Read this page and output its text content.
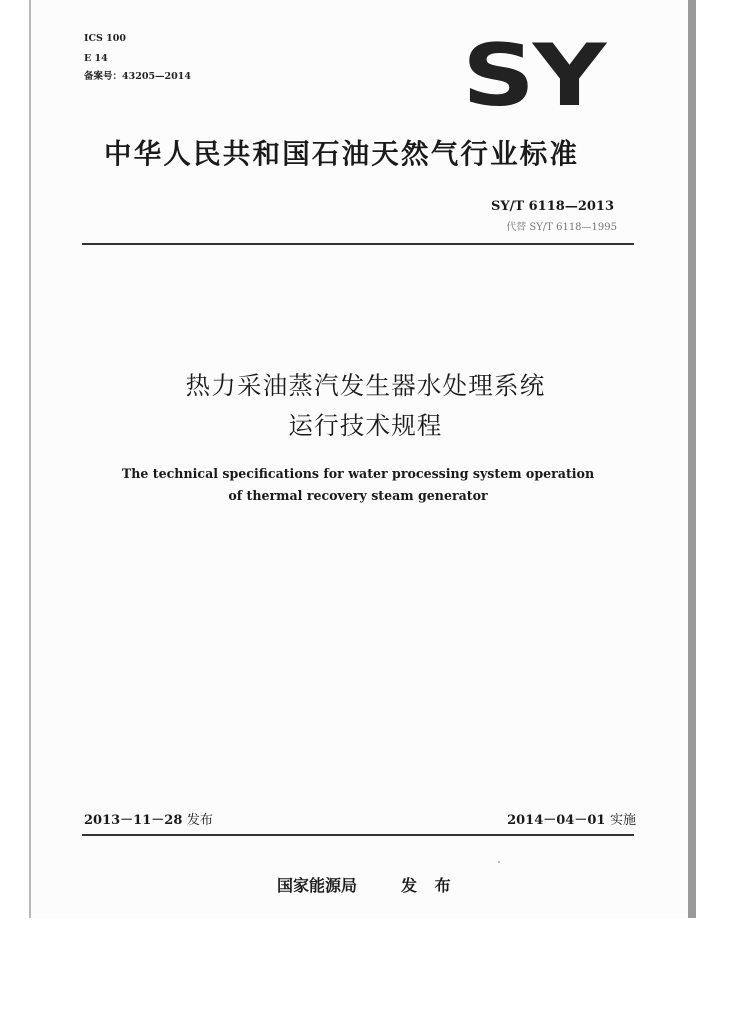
ICS 100
E 14
备案号：43205—2014	SY
中华人民共和国石油天然气行业标准
SY/T 6118—2013
代替 SY/T 6118—1995
热力采油蒸汽发生器水处理系统
运行技术规程
The technical specifications for water processing system operation
of thermal recovery steam generator
2013－11－28 发布	2014－04－01 实施
国家能源局	发 布
